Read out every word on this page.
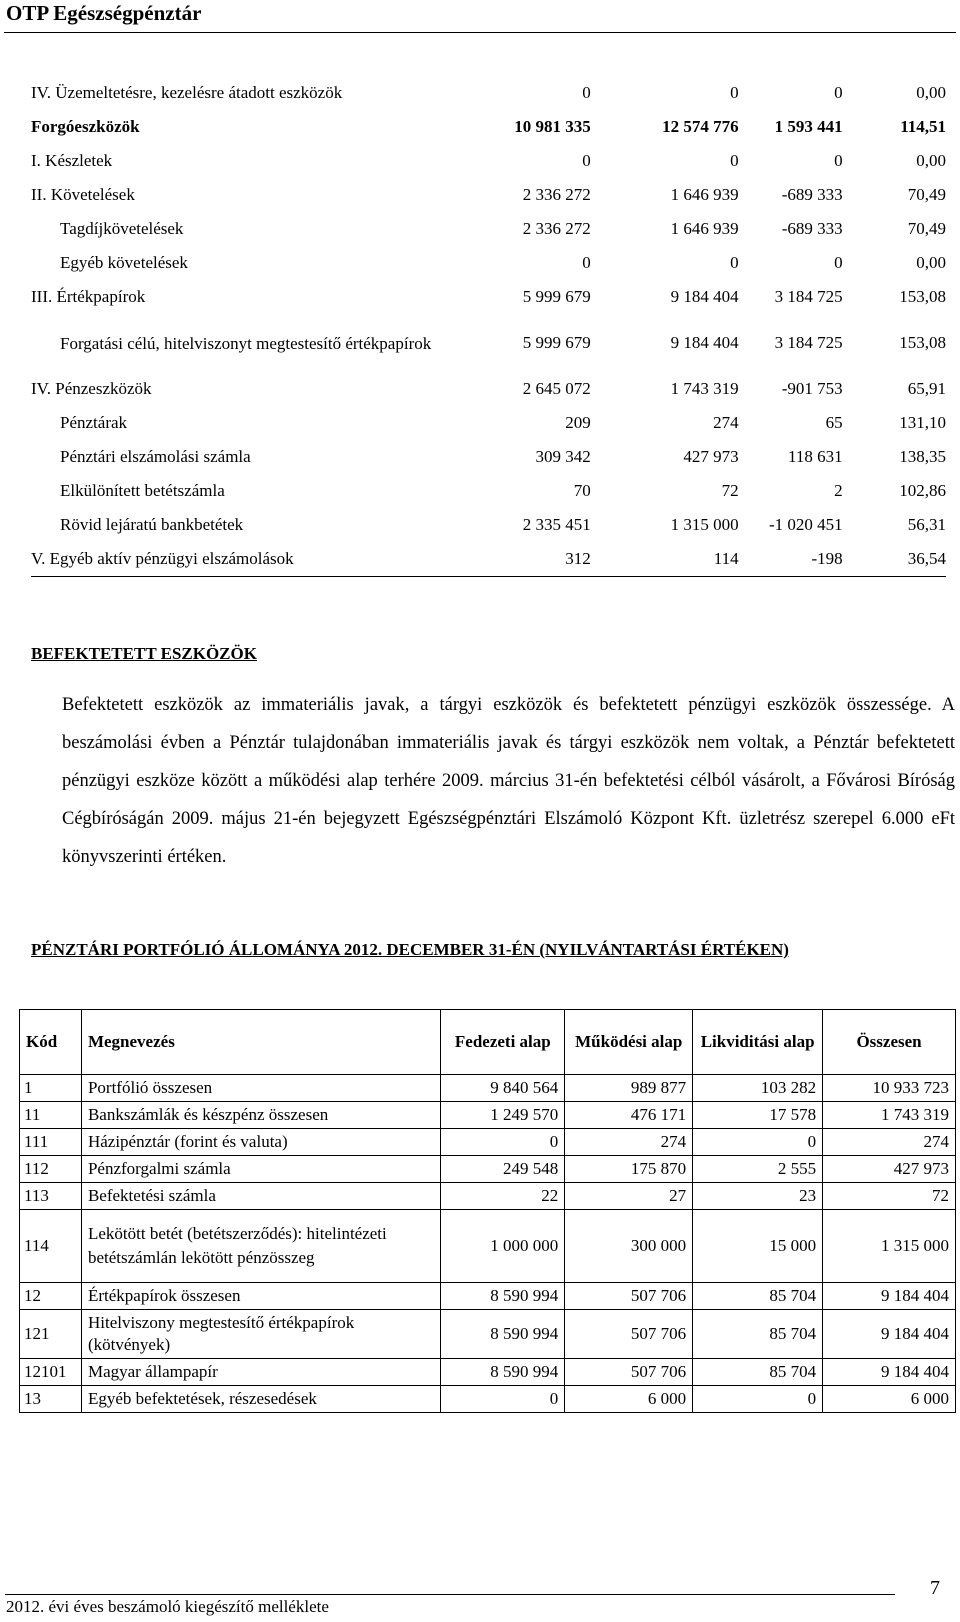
OTP Egészségpénztár
IV. Üzemeltetésre, kezelésre átadott eszközök	0	0	0	0,00
Forgóeszközök	10 981 335	12 574 776	1 593 441	114,51
I. Készletek	0	0	0	0,00
II. Követelések	2 336 272	1 646 939	-689 333	70,49
Tagdíjkövetelések	2 336 272	1 646 939	-689 333	70,49
Egyéb követelések	0	0	0	0,00
III. Értékpapírok	5 999 679	9 184 404	3 184 725	153,08
Forgatási célú, hitelviszonyt megtestesítő értékpapírok	5 999 679	9 184 404	3 184 725	153,08
IV. Pénzeszközök	2 645 072	1 743 319	-901 753	65,91
Pénztárak	209	274	65	131,10
Pénztári elszámolási számla	309 342	427 973	118 631	138,35
Elkülönített betétszámla	70	72	2	102,86
Rövid lejáratú bankbetétek	2 335 451	1 315 000	-1 020 451	56,31
V. Egyéb aktív pénzügyi elszámolások	312	114	-198	36,54
BEFEKTETETT ESZKÖZÖK

Befektetett eszközök az immateriális javak, a tárgyi eszközök és befektetett pénzügyi eszközök összessége. A beszámolási évben a Pénztár tulajdonában immateriális javak és tárgyi eszközök nem voltak, a Pénztár befektetett pénzügyi eszköze között a működési alap terhére 2009. március 31-én befektetési célból vásárolt, a Fővárosi Bíróság Cégbíróságán 2009. május 21-én bejegyzett Egészségpénztári Elszámoló Központ Kft. üzletrész szerepel 6.000 eFt könyvszerinti értéken.

PÉNZTÁRI PORTFÓLIÓ ÁLLOMÁNYA 2012. DECEMBER 31-ÉN (NYILVÁNTARTÁSI ÉRTÉKEN)
Kód	Megnevezés	Fedezeti alap	Működési alap	Likviditási alap	Összesen
1	Portfólió összesen	9 840 564	989 877	103 282	10 933 723
11	Bankszámlák és készpénz összesen	1 249 570	476 171	17 578	1 743 319
111	Házipénztár (forint és valuta)	0	274	0	274
112	Pénzforgalmi számla	249 548	175 870	2 555	427 973
113	Befektetési számla	22	27	23	72
114	Lekötött betét (betétszerződés): hitelintézeti betétszámlán lekötött pénzösszeg	1 000 000	300 000	15 000	1 315 000
12	Értékpapírok összesen	8 590 994	507 706	85 704	9 184 404
121	Hitelviszony megtestesítő értékpapírok (kötvények)	8 590 994	507 706	85 704	9 184 404
12101	Magyar állampapír	8 590 994	507 706	85 704	9 184 404
13	Egyéb befektetések, részesedések	0	6 000	0	6 000
7
2012. évi éves beszámoló kiegészítő melléklete
